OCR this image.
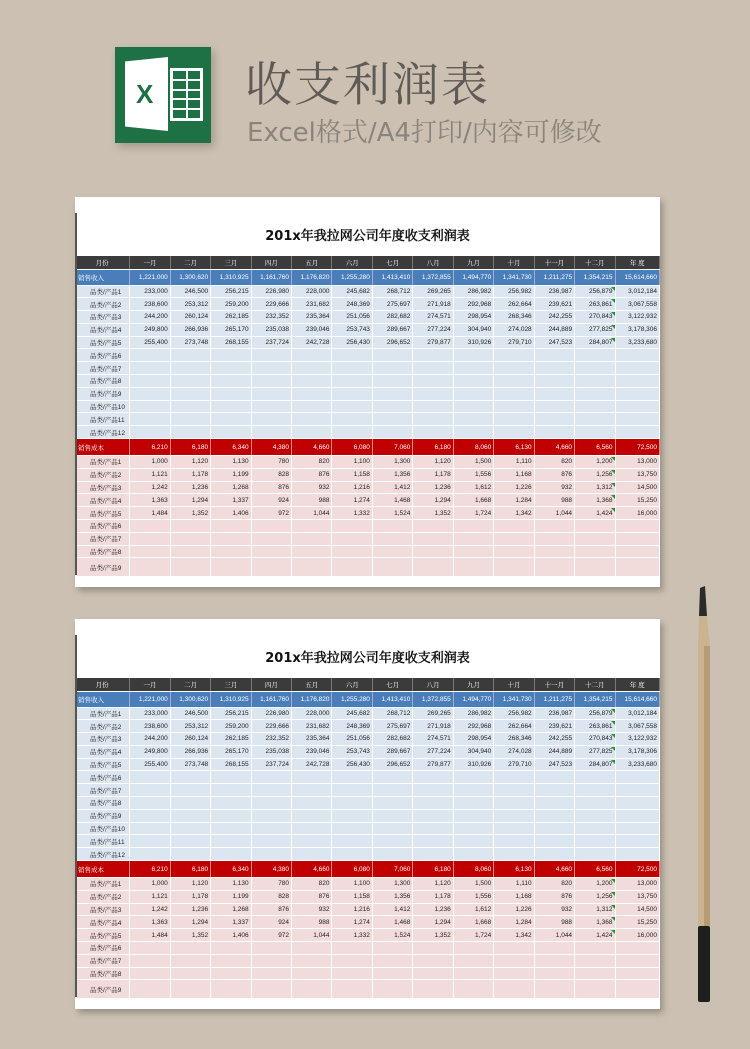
X 收支利润表
Excel格式/A4打印/内容可修改
201x年我拉网公司年度收支利润表
月份	一月	二月	三月	四月	五月	六月	七月	八月	九月	十月	十一月	十二月	年 度
销售收入	1,221,000	1,300,620	1,310,925	1,161,760	1,176,820	1,255,280	1,413,410	1,372,855	1,494,770	1,341,730	1,211,275	1,354,215	15,614,660
品类/产品1	233,000	246,500	256,215	226,980	228,000	245,682	268,712	269,265	286,982	256,982	236,987	256,879	3,012,184
品类/产品2	238,600	253,312	259,200	229,666	231,682	248,369	275,697	271,918	292,968	262,664	239,621	263,861	3,067,558
品类/产品3	244,200	260,124	262,185	232,352	235,364	251,056	282,682	274,571	298,954	268,346	242,255	270,843	3,122,932
品类/产品4	249,800	266,936	265,170	235,038	239,046	253,743	289,667	277,224	304,940	274,028	244,889	277,825	3,178,306
品类/产品5	255,400	273,748	268,155	237,724	242,728	256,430	296,652	279,877	310,926	279,710	247,523	284,807	3,233,680
品类/产品6													
品类/产品7													
品类/产品8													
品类/产品9													
品类/产品10													
品类/产品11													
品类/产品12													
销售成本	6,210	6,180	6,340	4,380	4,660	6,080	7,060	6,180	8,060	6,130	4,660	6,560	72,500
品类/产品1	1,000	1,120	1,130	780	820	1,100	1,300	1,120	1,500	1,110	820	1,200	13,000
品类/产品2	1,121	1,178	1,199	828	876	1,158	1,356	1,178	1,556	1,168	876	1,256	13,750
品类/产品3	1,242	1,236	1,268	876	932	1,216	1,412	1,236	1,612	1,226	932	1,312	14,500
品类/产品4	1,363	1,294	1,337	924	988	1,274	1,468	1,294	1,668	1,284	988	1,368	15,250
品类/产品5	1,484	1,352	1,406	972	1,044	1,332	1,524	1,352	1,724	1,342	1,044	1,424	16,000
品类/产品6													
品类/产品7													
品类/产品8													
品类/产品9													
201x年我拉网公司年度收支利润表
月份	一月	二月	三月	四月	五月	六月	七月	八月	九月	十月	十一月	十二月	年 度
销售收入	1,221,000	1,300,620	1,310,925	1,161,760	1,176,820	1,255,280	1,413,410	1,372,855	1,494,770	1,341,730	1,211,275	1,354,215	15,614,660
品类/产品1	233,000	246,500	256,215	226,980	228,000	245,682	268,712	269,265	286,982	256,982	236,987	256,879	3,012,184
品类/产品2	238,600	253,312	259,200	229,666	231,682	248,369	275,697	271,918	292,968	262,664	239,621	263,861	3,067,558
品类/产品3	244,200	260,124	262,185	232,352	235,364	251,056	282,682	274,571	298,954	268,346	242,255	270,843	3,122,932
品类/产品4	249,800	266,936	265,170	235,038	239,046	253,743	289,667	277,224	304,940	274,028	244,889	277,825	3,178,306
品类/产品5	255,400	273,748	268,155	237,724	242,728	256,430	296,652	279,877	310,926	279,710	247,523	284,807	3,233,680
品类/产品6													
品类/产品7													
品类/产品8													
品类/产品9													
品类/产品10													
品类/产品11													
品类/产品12													
销售成本	6,210	6,180	6,340	4,380	4,660	6,080	7,060	6,180	8,060	6,130	4,660	6,560	72,500
品类/产品1	1,000	1,120	1,130	780	820	1,100	1,300	1,120	1,500	1,110	820	1,200	13,000
品类/产品2	1,121	1,178	1,199	828	876	1,158	1,356	1,178	1,556	1,168	876	1,256	13,750
品类/产品3	1,242	1,236	1,268	876	932	1,216	1,412	1,236	1,612	1,226	932	1,312	14,500
品类/产品4	1,363	1,294	1,337	924	988	1,274	1,468	1,294	1,668	1,284	988	1,368	15,250
品类/产品5	1,484	1,352	1,406	972	1,044	1,332	1,524	1,352	1,724	1,342	1,044	1,424	16,000
品类/产品6													
品类/产品7													
品类/产品8													
品类/产品9													
